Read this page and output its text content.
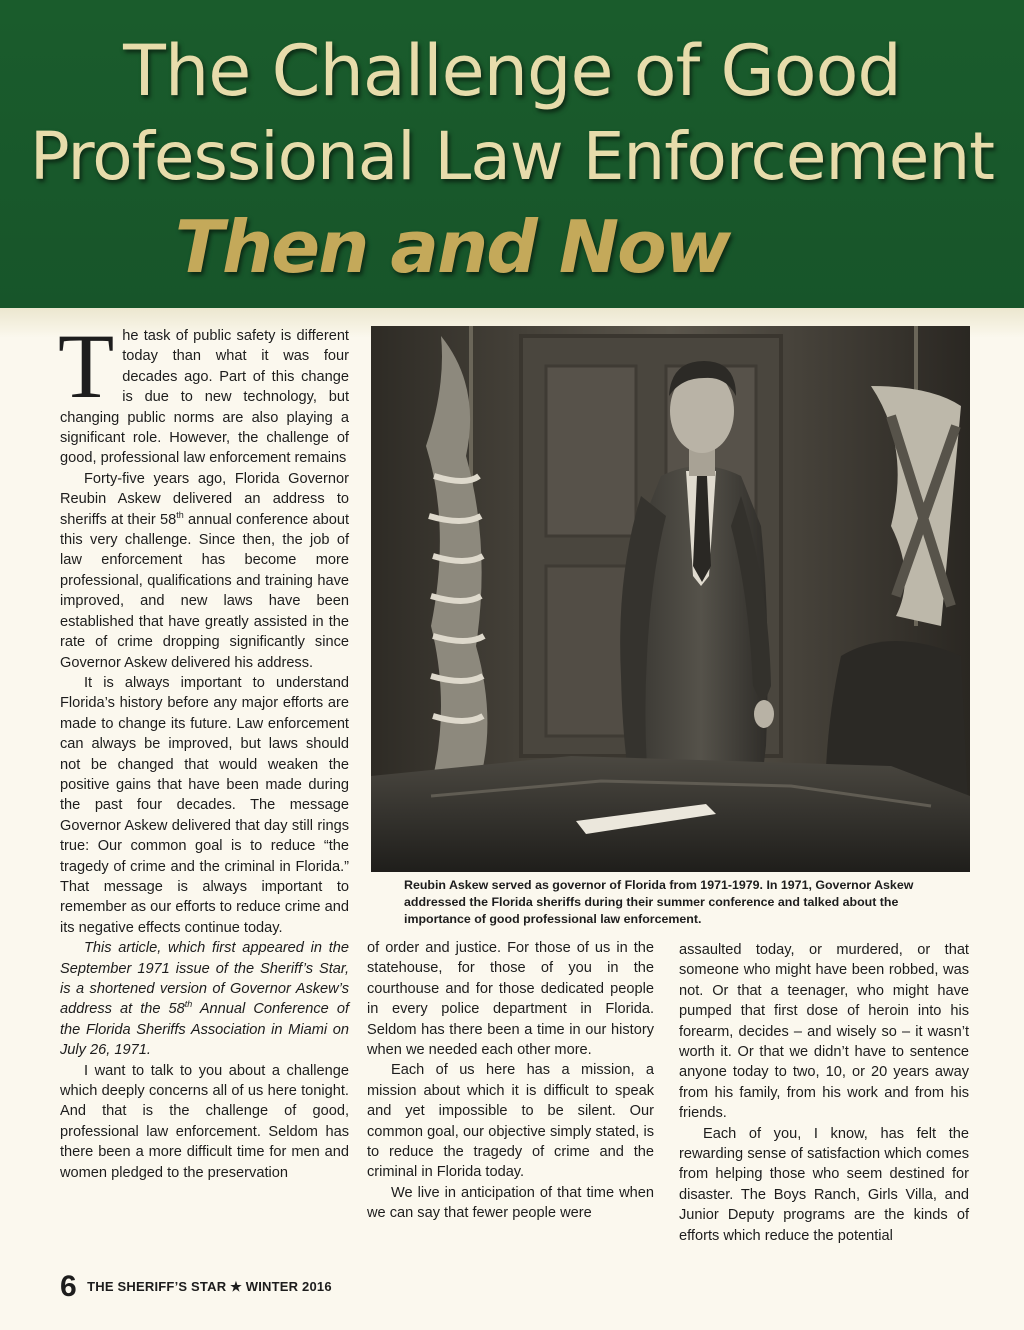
The Challenge of Good
Professional Law Enforcement
Then and Now

The task of public safety is different today than what it was four decades ago. Part of this change is due to new technology, but changing public norms are also playing a significant role. However, the challenge of good, professional law enforcement remains

Forty-five years ago, Florida Governor Reubin Askew delivered an address to sheriffs at their 58th annual conference about this very challenge. Since then, the job of law enforcement has become more professional, qualifications and training have improved, and new laws have been established that have greatly assisted in the rate of crime dropping significantly since Governor Askew delivered his address.

It is always important to understand Florida’s history before any major efforts are made to change its future. Law enforcement can always be improved, but laws should not be changed that would weaken the positive gains that have been made during the past four decades. The message Governor Askew delivered that day still rings true: Our common goal is to reduce “the tragedy of crime and the criminal in Florida.” That message is always important to remember as our efforts to reduce crime and its negative effects continue today.

This article, which first appeared in the September 1971 issue of the Sheriff’s Star, is a shortened version of Governor Askew’s address at the 58th Annual Conference of the Florida Sheriffs Association in Miami on July 26, 1971.

I want to talk to you about a challenge which deeply concerns all of us here tonight. And that is the challenge of good, professional law enforcement. Seldom has there been a more difficult time for men and women pledged to the preservation

Reubin Askew served as governor of Florida from 1971-1979. In 1971, Governor Askew addressed the Florida sheriffs during their summer conference and talked about the importance of good professional law enforcement.

of order and justice. For those of us in the statehouse, for those of you in the courthouse and for those dedicated people in every police department in Florida. Seldom has there been a time in our history when we needed each other more.

Each of us here has a mission, a mission about which it is difficult to speak and yet impossible to be silent. Our common goal, our objective simply stated, is to reduce the tragedy of crime and the criminal in Florida today.

We live in anticipation of that time when we can say that fewer people were

assaulted today, or murdered, or that someone who might have been robbed, was not. Or that a teenager, who might have pumped that first dose of heroin into his forearm, decides – and wisely so – it wasn’t worth it. Or that we didn’t have to sentence anyone today to two, 10, or 20 years away from his family, from his work and from his friends.

Each of you, I know, has felt the rewarding sense of satisfaction which comes from helping those who seem destined for disaster. The Boys Ranch, Girls Villa, and Junior Deputy programs are the kinds of efforts which reduce the potential

6 THE SHERIFF’S STAR ★ WINTER 2016
